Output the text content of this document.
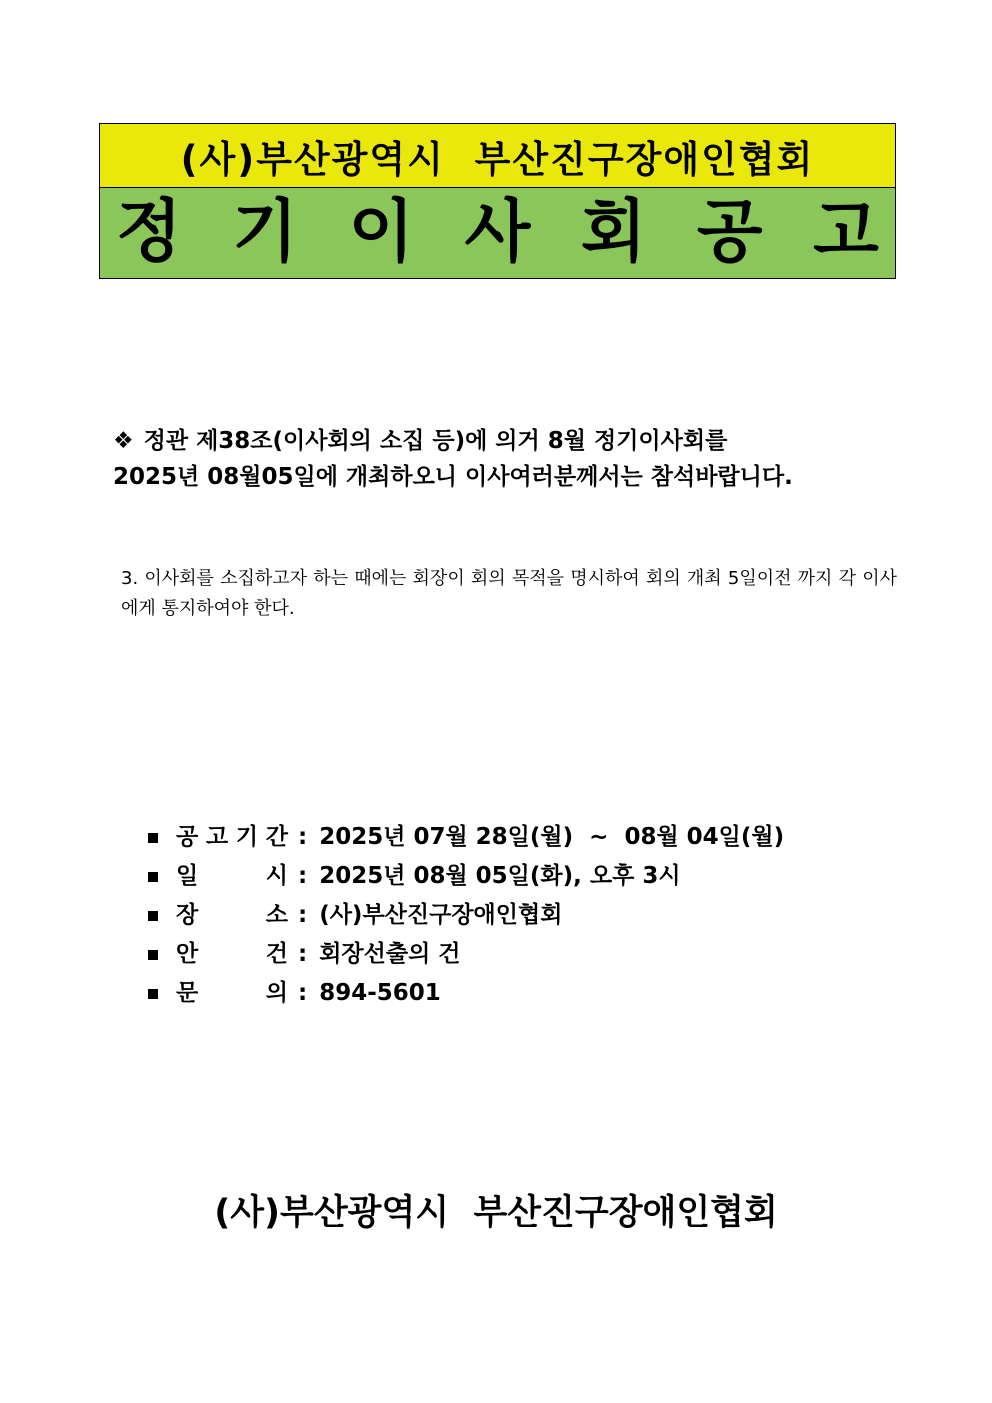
(사)부산광역시  부산진구장애인협회
정 기 이 사 회 공 고
❖ 정관 제38조(이사회의 소집 등)에 의거 8월 정기이사회를
2025년 08월05일에 개최하오니 이사여러분께서는 참석바랍니다.
3. 이사회를 소집하고자 하는 때에는 회장이 회의 목적을 명시하여 회의 개최 5일이전 까지 각 이사에게 통지하여야 한다.
공 고 기 간 : 2025년 07월 28일(월)  ~  08월 04일(월)
일	시 : 2025년 08월 05일(화), 오후 3시
장	소 : (사)부산진구장애인협회
안	건 : 회장선출의 건
문	의 : 894-5601
(사)부산광역시  부산진구장애인협회
